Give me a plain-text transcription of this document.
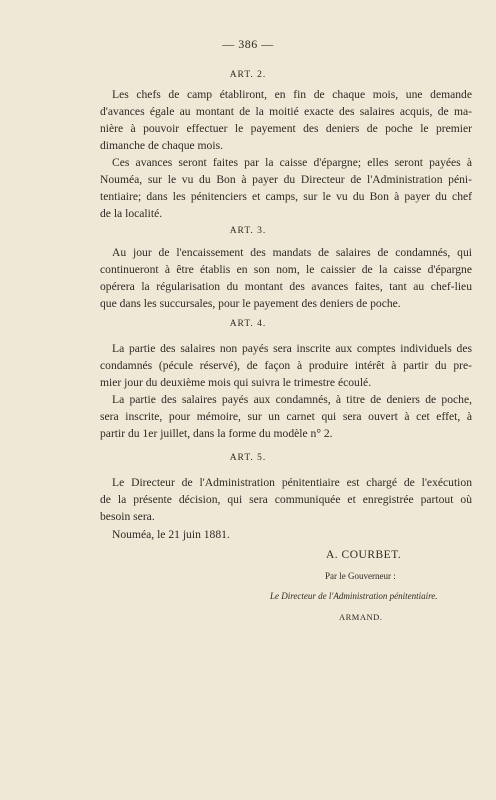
— 386 —
ART. 2.
Les chefs de camp établiront, en fin de chaque mois, une demande
d'avances égale au montant de la moitié exacte des salaires acquis, de ma-
nière à pouvoir effectuer le payement des deniers de poche le premier
dimanche de chaque mois.
Ces avances seront faites par la caisse d'épargne; elles seront payées à
Nouméa, sur le vu du Bon à payer du Directeur de l'Administration péni-
tentiaire; dans les pénitenciers et camps, sur le vu du Bon à payer du chef
de la localité.
ART. 3.
Au jour de l'encaissement des mandats de salaires de condamnés, qui
continueront à être établis en son nom, le caissier de la caisse d'épargne
opérera la régularisation du montant des avances faites, tant au chef-lieu
que dans les succursales, pour le payement des deniers de poche.
ART. 4.
La partie des salaires non payés sera inscrite aux comptes individuels des
condamnés (pécule réservé), de façon à produire intérêt à partir du pre-
mier jour du deuxième mois qui suivra le trimestre écoulé.
La partie des salaires payés aux condamnés, à titre de deniers de poche,
sera inscrite, pour mémoire, sur un carnet qui sera ouvert à cet effet, à
partir du 1er juillet, dans la forme du modèle n° 2.
ART. 5.
Le Directeur de l'Administration pénitentiaire est chargé de l'exécution
de la présente décision, qui sera communiquée et enregistrée partout où
besoin sera.
Nouméa, le 21 juin 1881.
A. COURBET.
Par le Gouverneur :
Le Directeur de l'Administration pénitentiaire.
ARMAND.
